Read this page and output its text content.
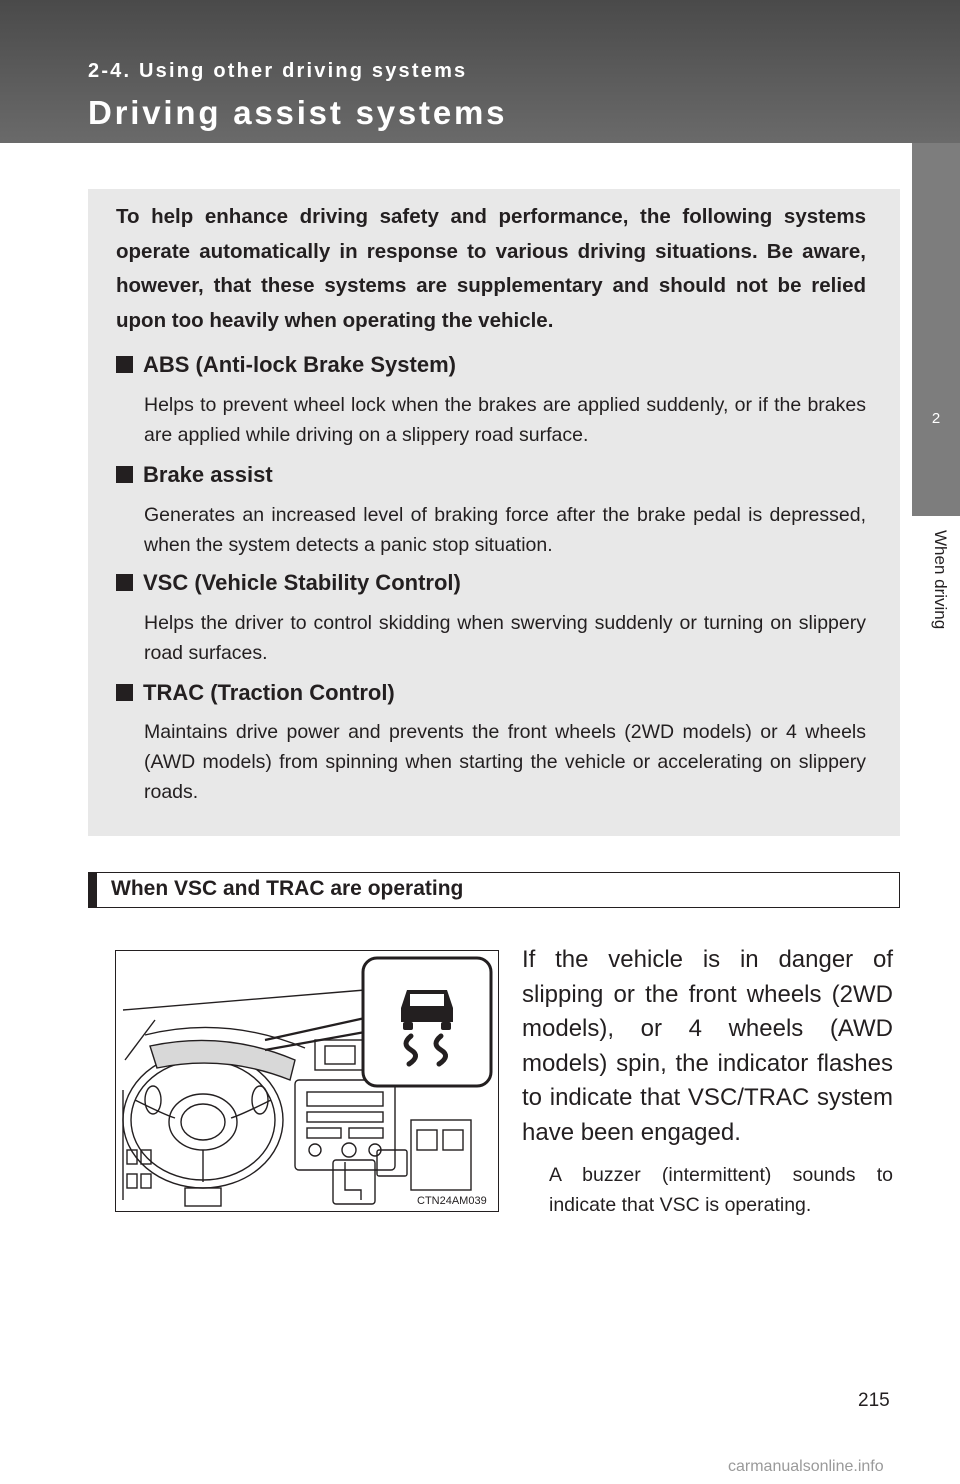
2-4. Using other driving systems
Driving assist systems
2
When driving

To help enhance driving safety and performance, the following systems operate automatically in response to various driving situations. Be aware, however, that these systems are supplementary and should not be relied upon too heavily when operating the vehicle.

ABS (Anti-lock Brake System)

Helps to prevent wheel lock when the brakes are applied suddenly, or if the brakes are applied while driving on a slippery road surface.

Brake assist

Generates an increased level of braking force after the brake pedal is depressed, when the system detects a panic stop situation.

VSC (Vehicle Stability Control)

Helps the driver to control skidding when swerving suddenly or turning on slippery road surfaces.

TRAC (Traction Control)

Maintains drive power and prevents the front wheels (2WD models) or 4 wheels (AWD models) from spinning when starting the vehicle or accelerating on slippery roads.

When VSC and TRAC are operating
CTN24AM039

If the vehicle is in danger of slipping or the front wheels (2WD models), or 4 wheels (AWD models) spin, the indicator flashes to indicate that VSC/TRAC system have been engaged.

A buzzer (intermittent) sounds to indicate that VSC is operating.

215
carmanualsonline.info
